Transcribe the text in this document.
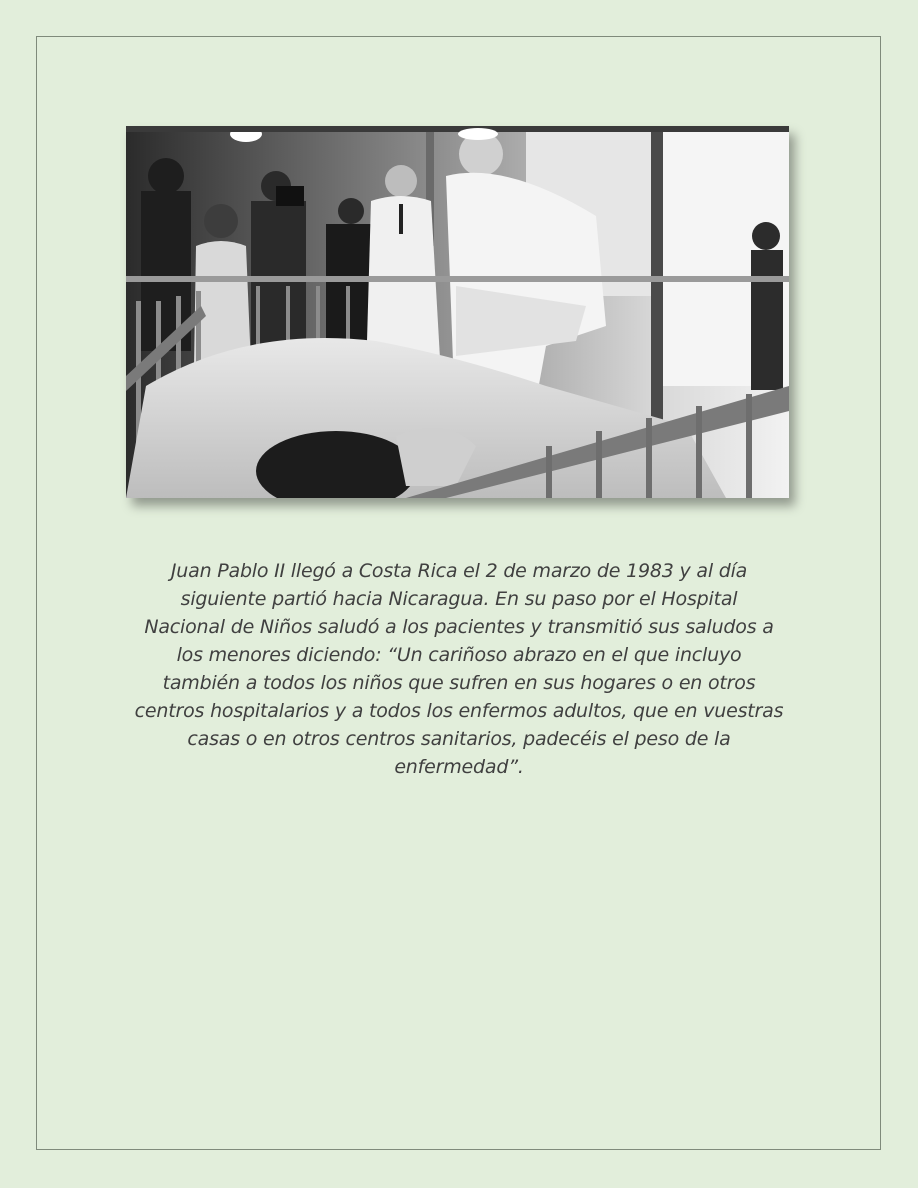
Juan Pablo II llegó a Costa Rica el 2 de marzo de 1983 y al día
siguiente partió hacia Nicaragua. En su paso por el Hospital
Nacional de Niños saludó a los pacientes y transmitió sus saludos a
los menores diciendo: “Un cariñoso abrazo en el que incluyo
también a todos los niños que sufren en sus hogares o en otros
centros hospitalarios y a todos los enfermos adultos, que en vuestras
casas o en otros centros sanitarios, padecéis el peso de la
enfermedad”.
